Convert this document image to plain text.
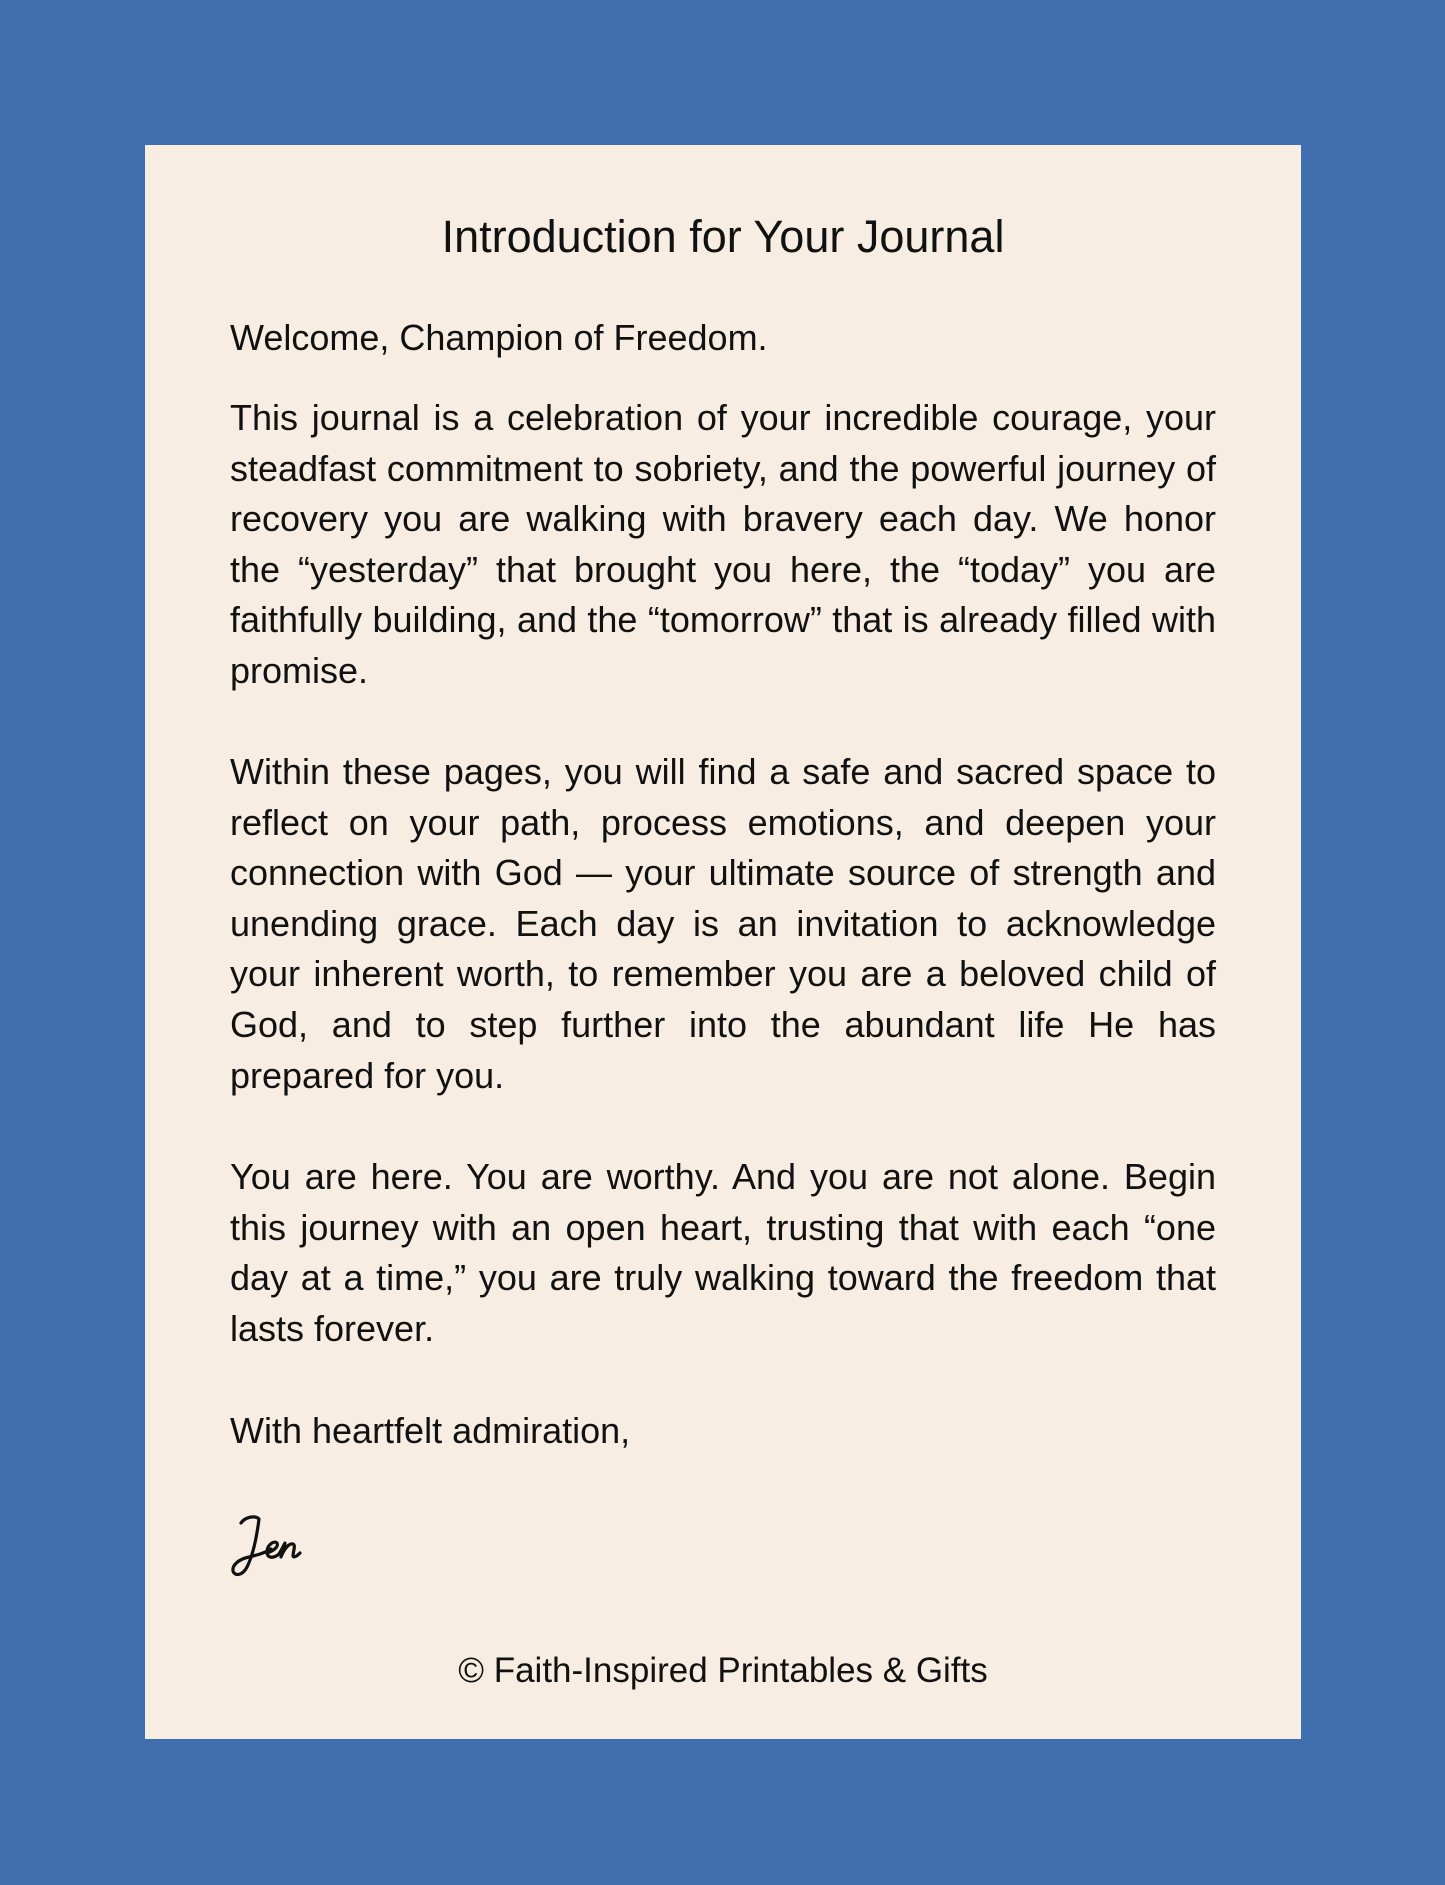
Introduction for Your Journal

Welcome, Champion of Freedom.

This journal is a celebration of your incredible courage, your steadfast commitment to sobriety, and the powerful journey of recovery you are walking with bravery each day. We honor the “yesterday” that brought you here, the “today” you are faithfully building, and the “tomorrow” that is already filled with promise.

Within these pages, you will find a safe and sacred space to reflect on your path, process emotions, and deepen your connection with God — your ultimate source of strength and unending grace. Each day is an invitation to acknowledge your inherent worth, to remember you are a beloved child of God, and to step further into the abundant life He has prepared for you.

You are here. You are worthy. And you are not alone. Begin this journey with an open heart, trusting that with each “one day at a time,” you are truly walking toward the freedom that lasts forever.

With heartfelt admiration,

© Faith-Inspired Printables & Gifts
